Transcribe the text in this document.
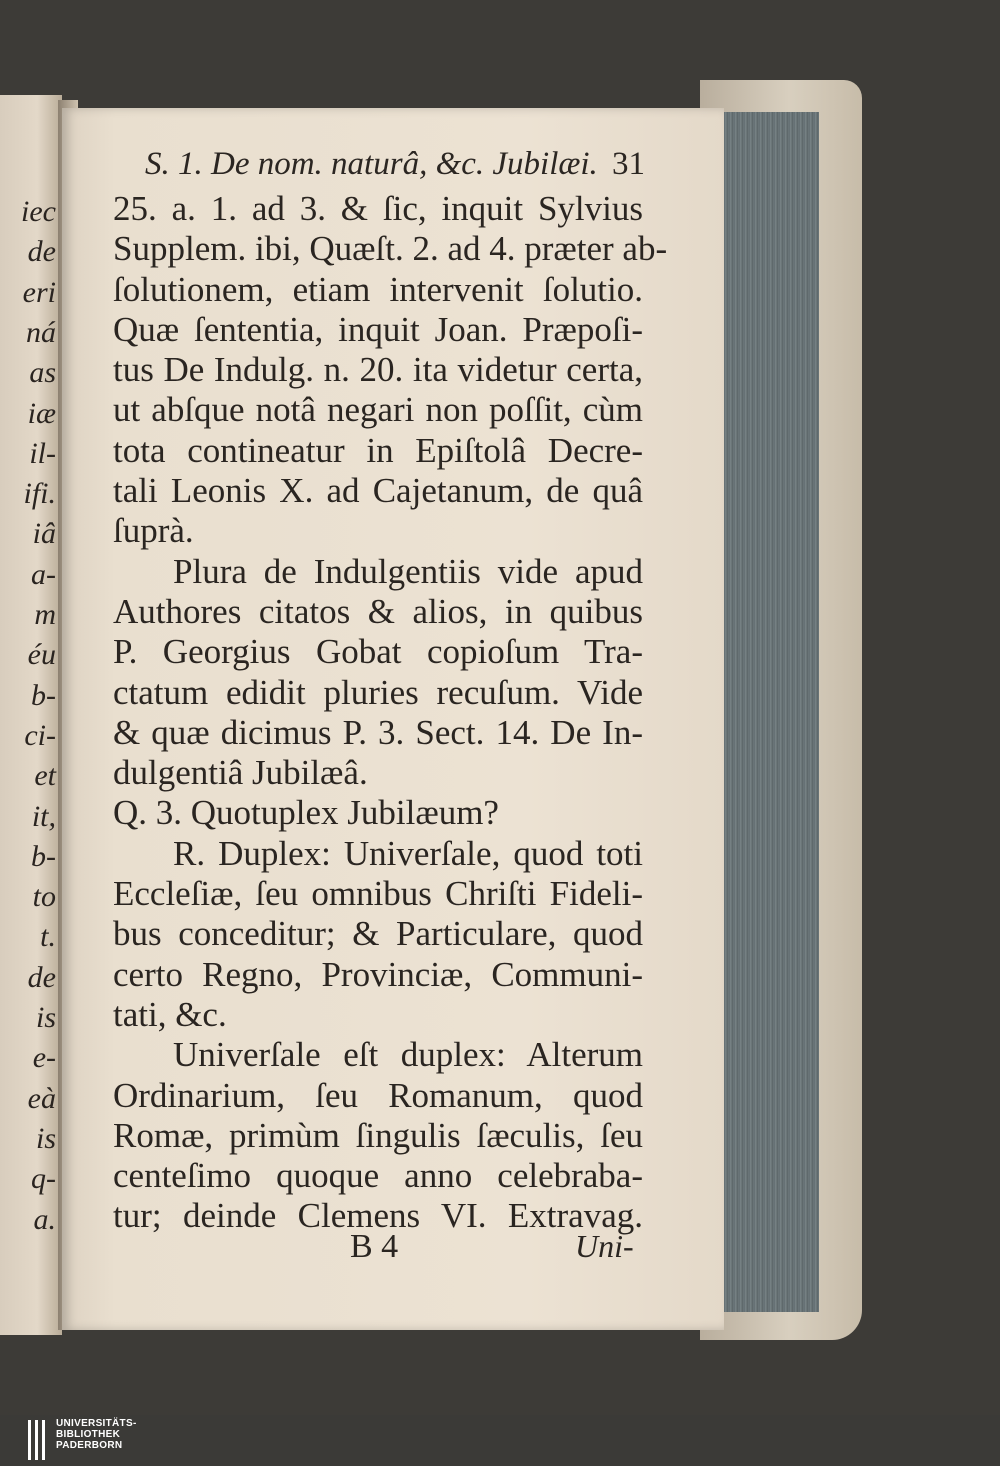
iec
de
eri
ná
as
iæ
il-
ifi.
iâ
a-
m
éu
b-
ci-
et
it,
b-
to
t.
de
is
e-
eà
is
q-
a.
S. 1. De nom. naturâ, &c. Jubilæi. 31
25. a. 1. ad 3. & ſic, inquit Sylvius
Supplem. ibi, Quæſt. 2. ad 4. præter ab-
ſolutionem, etiam intervenit ſolutio.
Quæ ſententia, inquit Joan. Præpoſi-
tus De Indulg. n. 20. ita videtur certa,
ut abſque notâ negari non poſſit, cùm
tota contineatur in Epiſtolâ Decre-
tali Leonis X. ad Cajetanum, de quâ
ſuprà.
Plura de Indulgentiis vide apud
Authores citatos & alios, in quibus
P. Georgius Gobat copioſum Tra-
ctatum edidit pluries recuſum. Vide
& quæ dicimus P. 3. Sect. 14. De In-
dulgentiâ Jubilæâ.
Q. 3. Quotuplex Jubilæum?
R. Duplex: Univerſale, quod toti
Eccleſiæ, ſeu omnibus Chriſti Fideli-
bus conceditur; & Particulare, quod
certo Regno, Provinciæ, Communi-
tati, &c.
Univerſale eſt duplex: Alterum
Ordinarium, ſeu Romanum, quod
Romæ, primùm ſingulis ſæculis, ſeu
centeſimo quoque anno celebraba-
tur; deinde Clemens VI. Extravag.
B 4	Uni-
UNIVERSITÄTS-
BIBLIOTHEK
PADERBORN
